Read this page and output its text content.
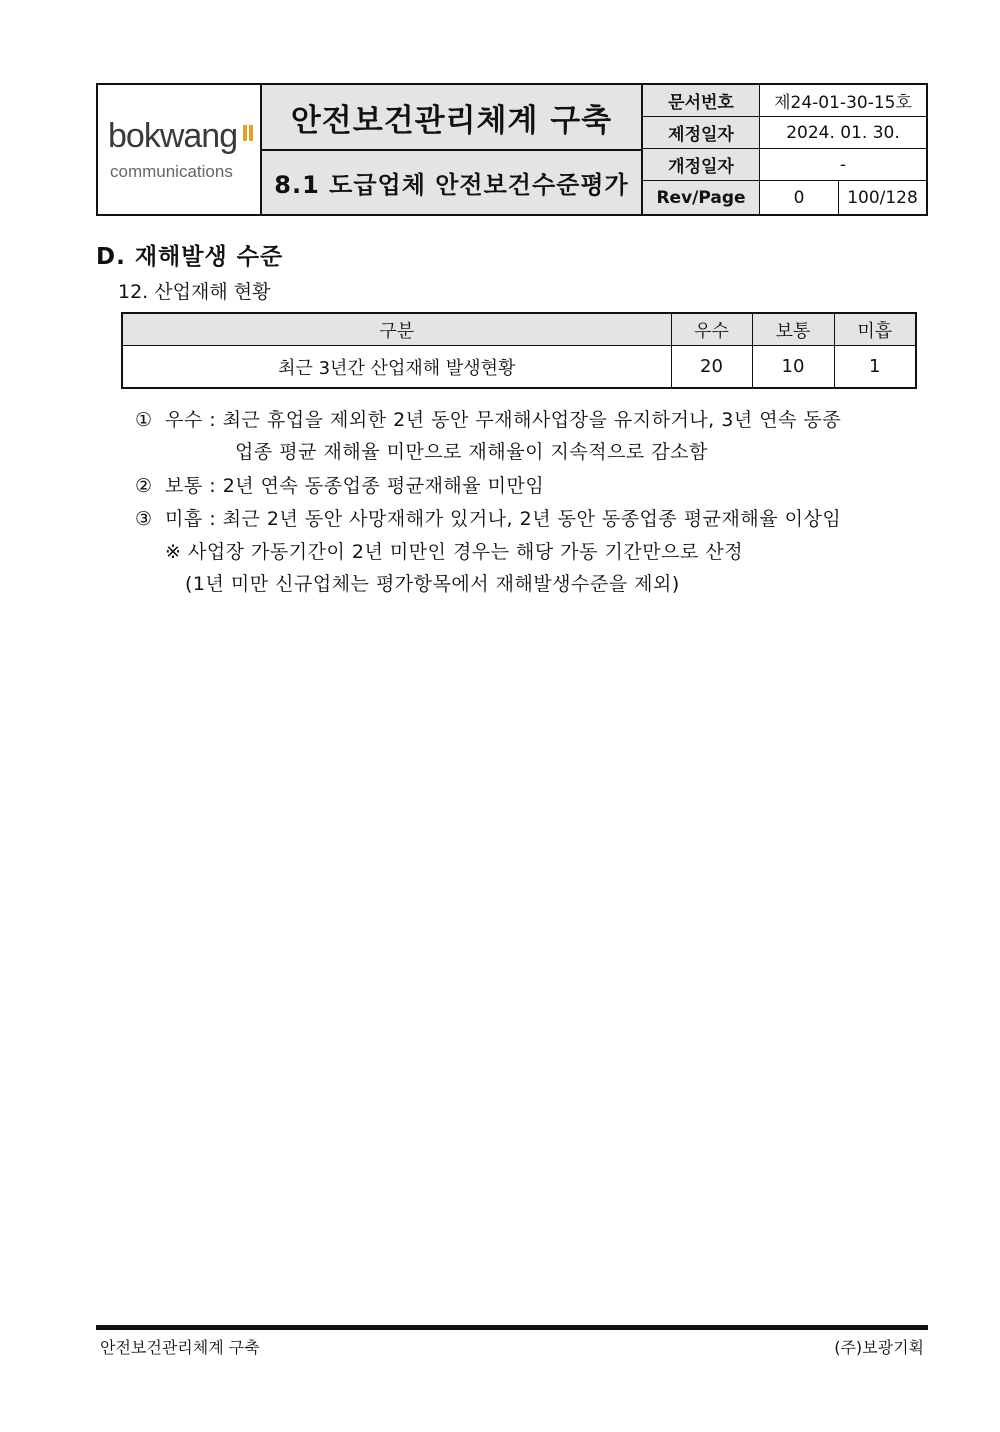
bokwang
communications
안전보건관리체계 구축
8.1 도급업체 안전보건수준평가
문서번호	제24-01-30-15호
제정일자	2024. 01. 30.
개정일자	-
Rev/Page	0	100/128
D. 재해발생 수준
12. 산업재해 현황
구분	우수	보통	미흡
최근 3년간 산업재해 발생현황	20	10	1
① 우수 : 최근 휴업을 제외한 2년 동안 무재해사업장을 유지하거나, 3년 연속 동종
업종 평균 재해율 미만으로 재해율이 지속적으로 감소함
② 보통 : 2년 연속 동종업종 평균재해율 미만임
③ 미흡 : 최근 2년 동안 사망재해가 있거나, 2년 동안 동종업종 평균재해율 이상임
※ 사업장 가동기간이 2년 미만인 경우는 해당 가동 기간만으로 산정
(1년 미만 신규업체는 평가항목에서 재해발생수준을 제외)
안전보건관리체계 구축	(주)보광기획
